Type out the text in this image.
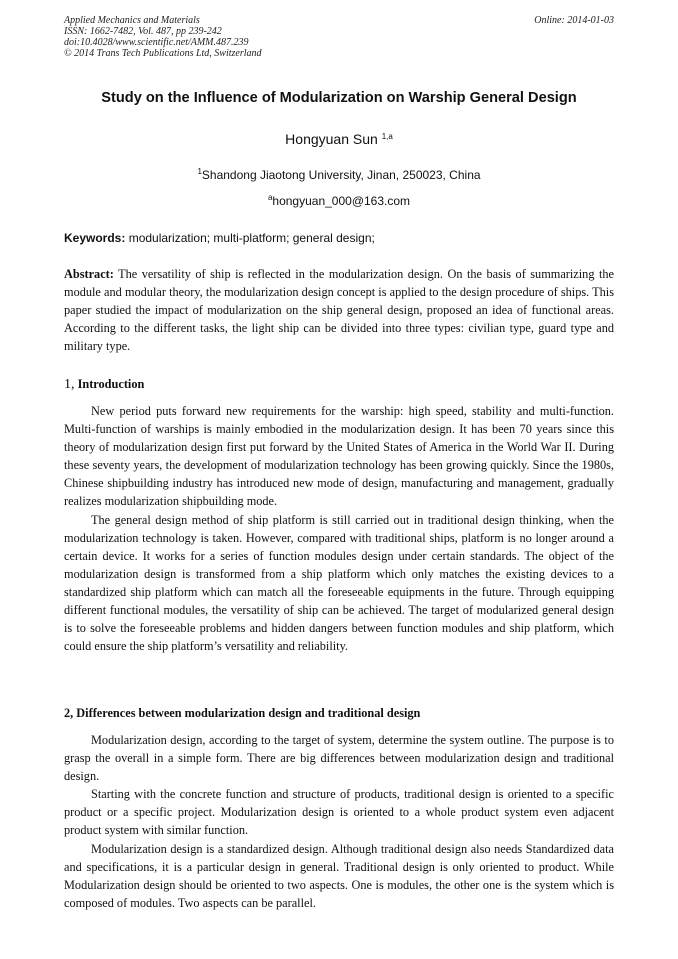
Applied Mechanics and Materials
ISSN: 1662-7482, Vol. 487, pp 239-242
doi:10.4028/www.scientific.net/AMM.487.239
© 2014 Trans Tech Publications Ltd, Switzerland
Online: 2014-01-03
Study on the Influence of Modularization on Warship General Design
Hongyuan Sun $^{1,a}$
$^1$Shandong Jiaotong University, Jinan, 250023, China
$^a$hongyuan_000@163.com
Keywords: modularization; multi-platform; general design;

Abstract: The versatility of ship is reflected in the modularization design. On the basis of summarizing the module and modular theory, the modularization design concept is applied to the design procedure of ships. This paper studied the impact of modularization on the ship general design, proposed an idea of functional areas. According to the different tasks, the light ship can be divided into three types: civilian type, guard type and military type.

1, Introduction

New period puts forward new requirements for the warship: high speed, stability and multi-function. Multi-function of warships is mainly embodied in the modularization design. It has been 70 years since this theory of modularization design first put forward by the United States of America in the World War II. During these seventy years, the development of modularization technology has been growing quickly. Since the 1980s, Chinese shipbuilding industry has introduced new mode of design, manufacturing and management, gradually realizes modularization shipbuilding mode.

The general design method of ship platform is still carried out in traditional design thinking, when the modularization technology is taken. However, compared with traditional ships, platform is no longer around a certain device. It works for a series of function modules design under certain standards. The object of the modularization design is transformed from a ship platform which only matches the existing devices to a standardized ship platform which can match all the foreseeable equipments in the future. Through equipping different functional modules, the versatility of ship can be achieved. The target of modularized general design is to solve the foreseeable problems and hidden dangers between function modules and ship platform, which could ensure the ship platform’s versatility and reliability.

2, Differences between modularization design and traditional design

Modularization design, according to the target of system, determine the system outline. The purpose is to grasp the overall in a simple form. There are big differences between modularization design and traditional design.

Starting with the concrete function and structure of products, traditional design is oriented to a specific product or a specific project. Modularization design is oriented to a whole product system even adjacent product system with similar function.

Modularization design is a standardized design. Although traditional design also needs Standardized data and specifications, it is a particular design in general. Traditional design is only oriented to product. While Modularization design should be oriented to two aspects. One is modules, the other one is the system which is composed of modules. Two aspects can be parallel.
